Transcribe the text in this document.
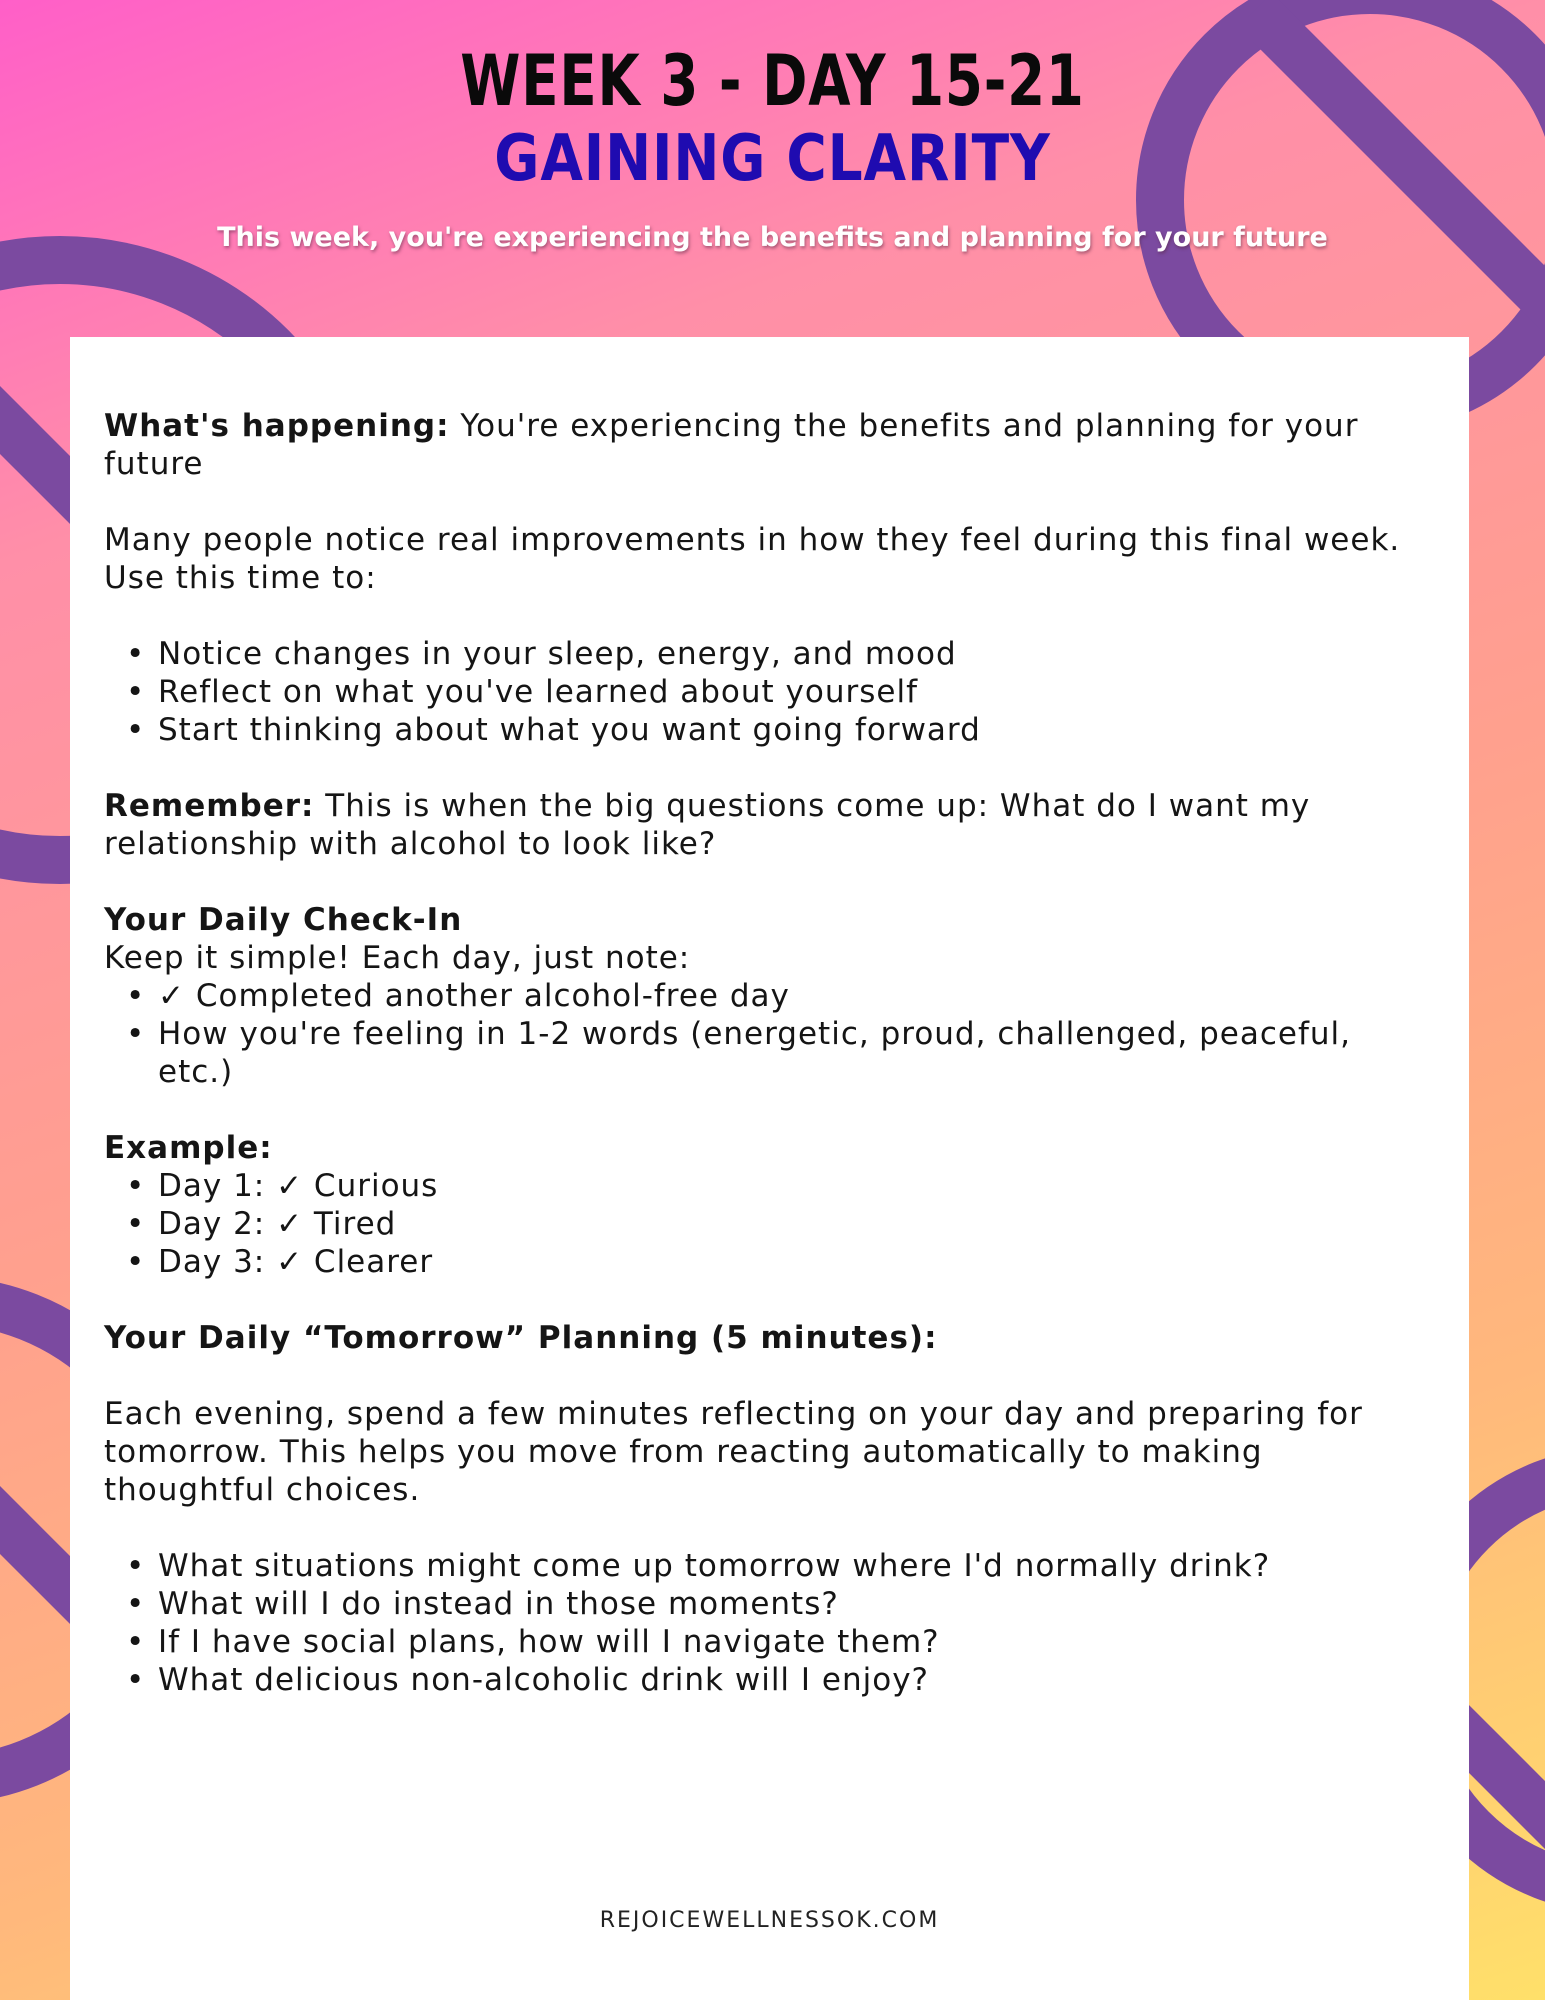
WEEK 3 - DAY 15-21
GAINING CLARITY
This week, you're experiencing the benefits and planning for your future

What's happening: You're experiencing the benefits and planning for your future

Many people notice real improvements in how they feel during this final week. Use this time to:

• Notice changes in your sleep, energy, and mood
• Reflect on what you've learned about yourself
• Start thinking about what you want going forward

Remember: This is when the big questions come up: What do I want my relationship with alcohol to look like?

Your Daily Check-In

Keep it simple! Each day, just note:

• ✓ Completed another alcohol-free day
• How you're feeling in 1-2 words (energetic, proud, challenged, peaceful, etc.)

Example:

• Day 1: ✓ Curious
• Day 2: ✓ Tired
• Day 3: ✓ Clearer

Your Daily “Tomorrow” Planning (5 minutes):

Each evening, spend a few minutes reflecting on your day and preparing for tomorrow. This helps you move from reacting automatically to making thoughtful choices.

• What situations might come up tomorrow where I'd normally drink?
• What will I do instead in those moments?
• If I have social plans, how will I navigate them?
• What delicious non-alcoholic drink will I enjoy?
REJOICEWELLNESSOK.COM
